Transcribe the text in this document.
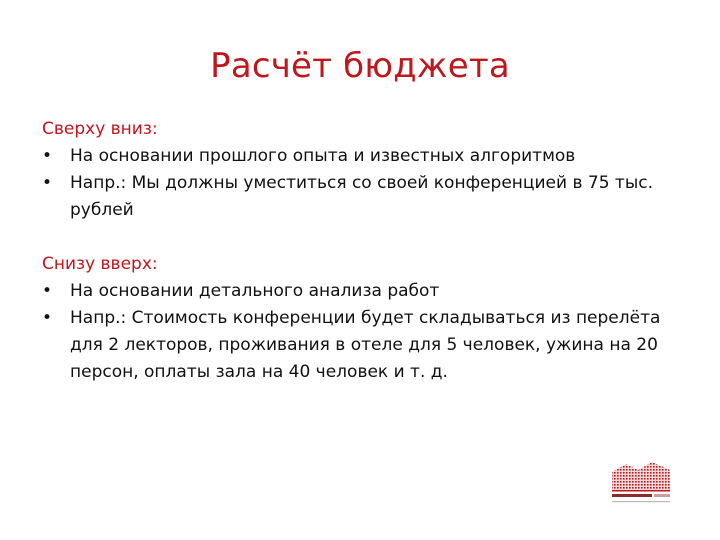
Расчёт бюджета
Сверху вниз:
• На основании прошлого опыта и известных алгоритмов
• Напр.: Мы должны уместиться со своей конференцией в 75 тыс. рублей
Снизу вверх:
• На основании детального анализа работ
• Напр.: Стоимость конференции будет складываться из перелёта для 2 лекторов, проживания в отеле для 5 человек, ужина на 20 персон, оплаты зала на 40 человек и т. д.
